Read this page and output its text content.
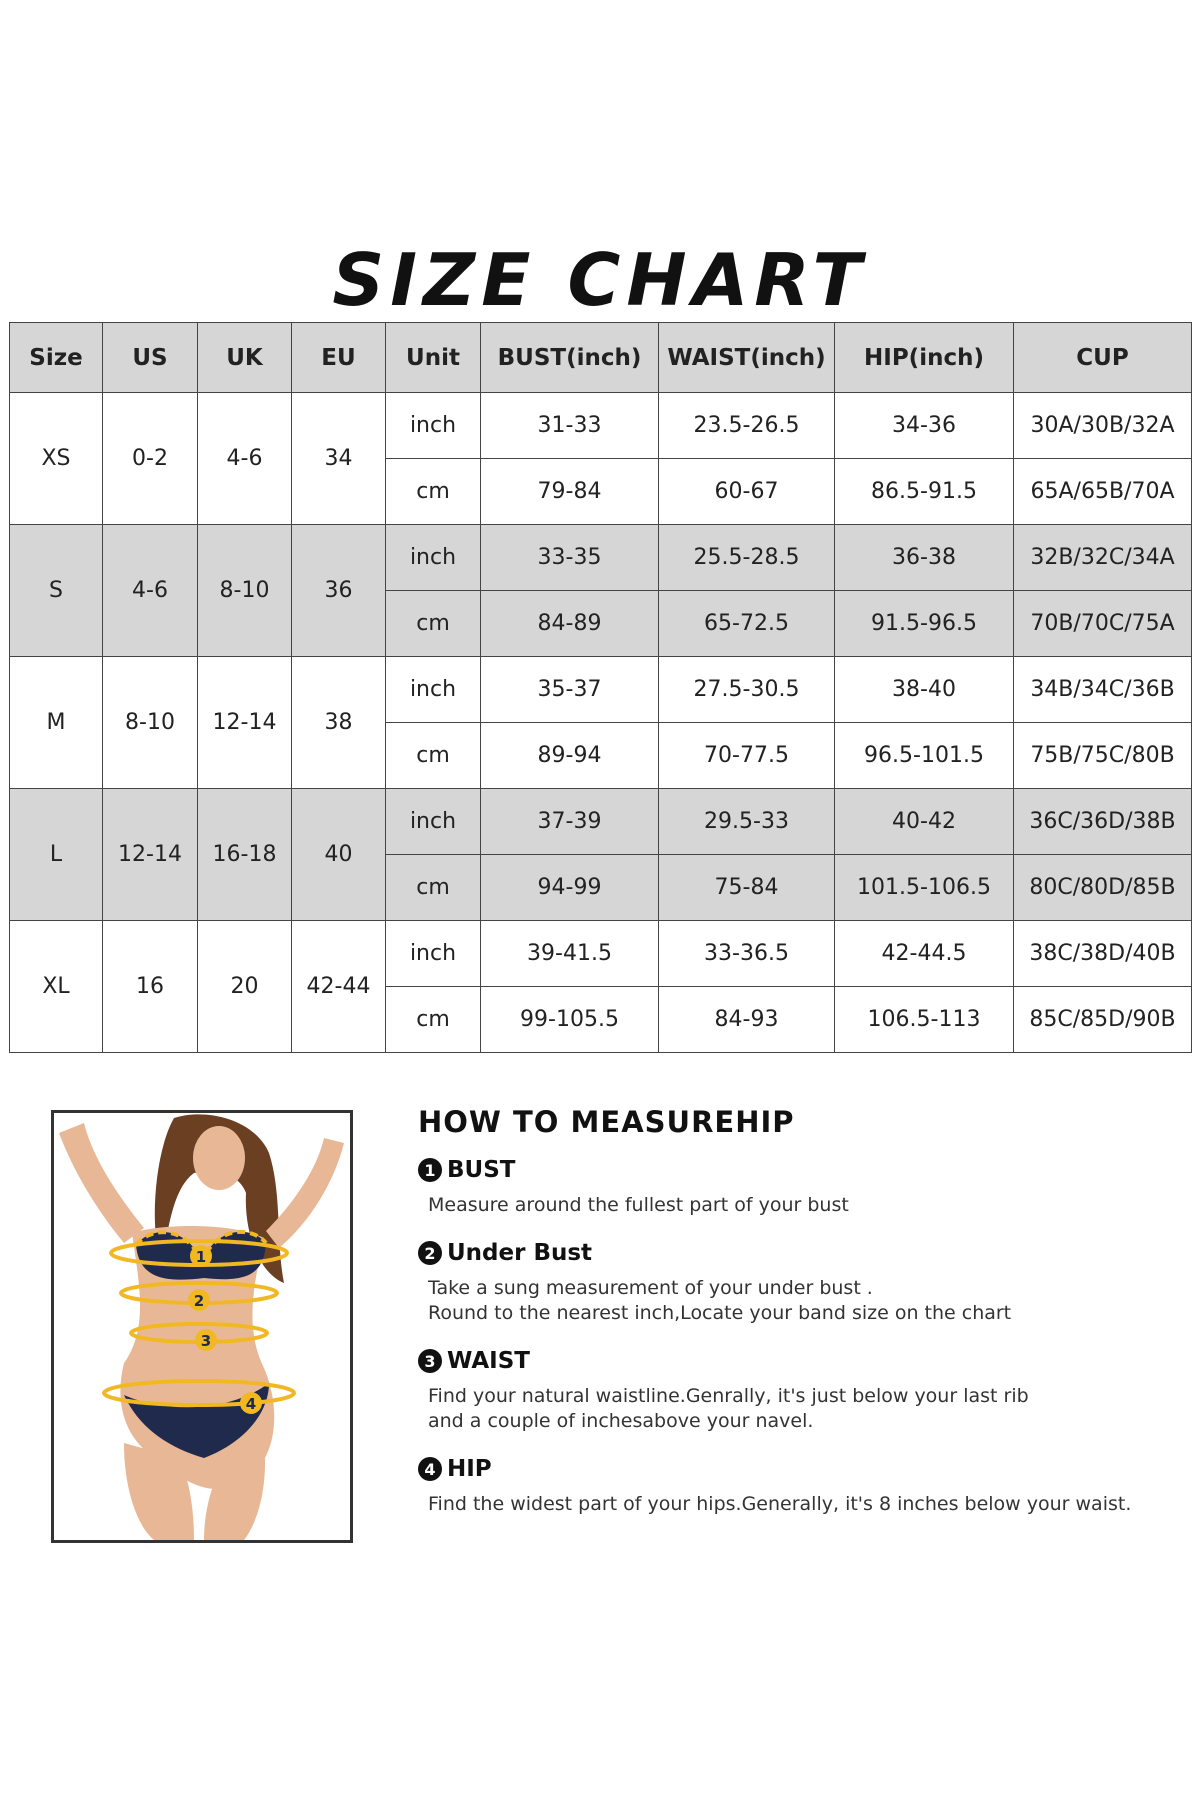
SIZE CHART
Size	US	UK	EU	Unit	BUST(inch)	WAIST(inch)	HIP(inch)	CUP
XS	0-2	4-6	34	inch	31-33	23.5-26.5	34-36	30A/30B/32A
				cm	79-84	60-67	86.5-91.5	65A/65B/70A
S	4-6	8-10	36	inch	33-35	25.5-28.5	36-38	32B/32C/34A
				cm	84-89	65-72.5	91.5-96.5	70B/70C/75A
M	8-10	12-14	38	inch	35-37	27.5-30.5	38-40	34B/34C/36B
				cm	89-94	70-77.5	96.5-101.5	75B/75C/80B
L	12-14	16-18	40	inch	37-39	29.5-33	40-42	36C/36D/38B
				cm	94-99	75-84	101.5-106.5	80C/80D/85B
XL	16	20	42-44	inch	39-41.5	33-36.5	42-44.5	38C/38D/40B
				cm	99-105.5	84-93	106.5-113	85C/85D/90B
1
2
3
4
HOW TO MEASUREHIP
1 BUST
Measure around the fullest part of your bust
2 Under Bust
Take a sung measurement of your under bust .
Round to the nearest inch,Locate your band size on the chart
3 WAIST
Find your natural waistline.Genrally, it's just below your last rib and a couple of inchesabove your navel.
4 HIP
Find the widest part of your hips.Generally, it's 8 inches below your waist.
